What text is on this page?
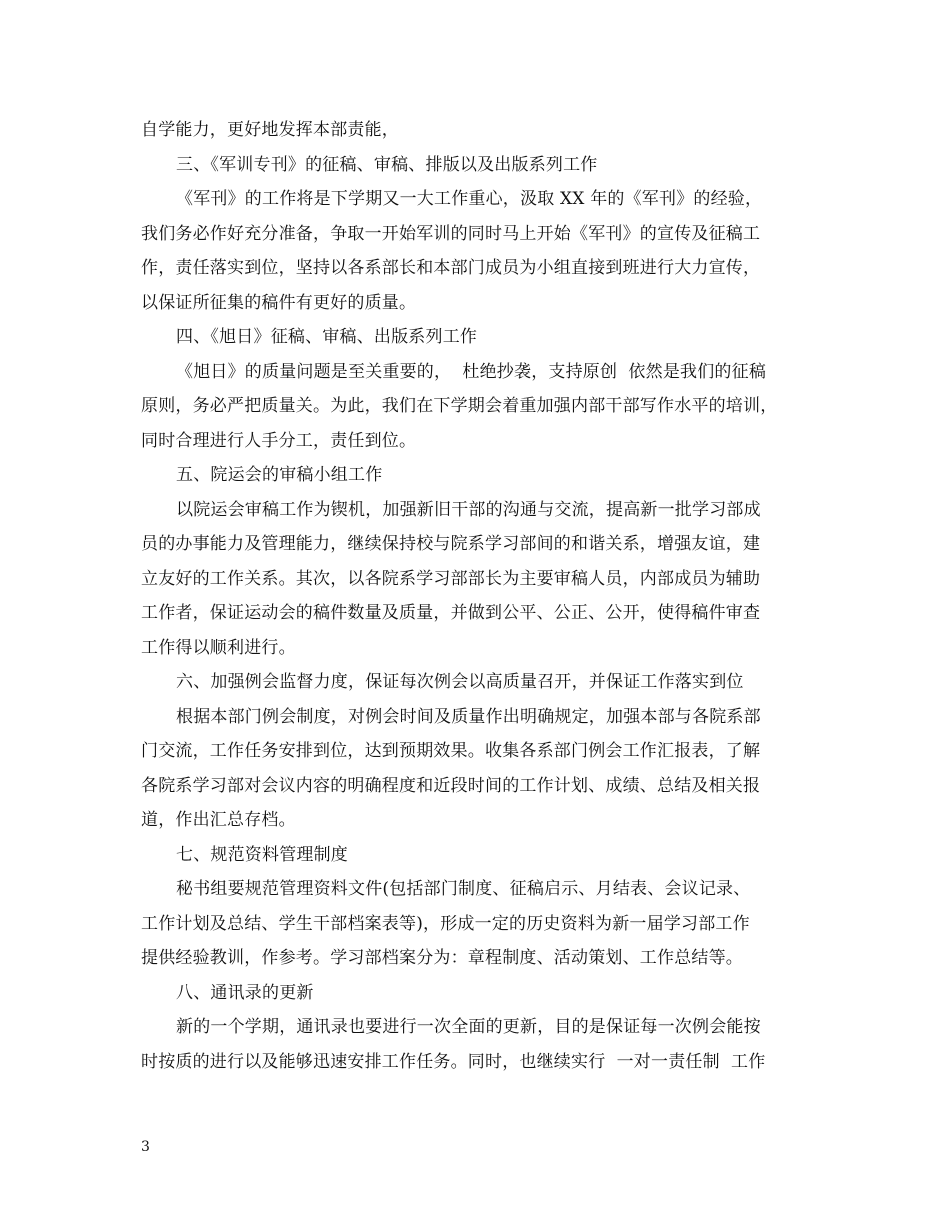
自学能力，更好地发挥本部责能，
三、《军训专刊》的征稿、审稿、排版以及出版系列工作
《军刊》的工作将是下学期又一大工作重心，汲取 XX 年的《军刊》的经验，
我们务必作好充分准备，争取一开始军训的同时马上开始《军刊》的宣传及征稿工
作，责任落实到位，坚持以各系部长和本部门成员为小组直接到班进行大力宣传，
以保证所征集的稿件有更好的质量。
四、《旭日》征稿、审稿、出版系列工作
《旭日》的质量问题是至关重要的，  杜绝抄袭，支持原创  依然是我们的征稿
原则，务必严把质量关。为此，我们在下学期会着重加强内部干部写作水平的培训，
同时合理进行人手分工，责任到位。
五、院运会的审稿小组工作
以院运会审稿工作为锲机，加强新旧干部的沟通与交流，提高新一批学习部成
员的办事能力及管理能力，继续保持校与院系学习部间的和谐关系，增强友谊，建
立友好的工作关系。其次，以各院系学习部部长为主要审稿人员，内部成员为辅助
工作者，保证运动会的稿件数量及质量，并做到公平、公正、公开，使得稿件审查
工作得以顺利进行。
六、加强例会监督力度，保证每次例会以高质量召开，并保证工作落实到位
根据本部门例会制度，对例会时间及质量作出明确规定，加强本部与各院系部
门交流，工作任务安排到位，达到预期效果。收集各系部门例会工作汇报表，了解
各院系学习部对会议内容的明确程度和近段时间的工作计划、成绩、总结及相关报
道，作出汇总存档。
七、规范资料管理制度
秘书组要规范管理资料文件(包括部门制度、征稿启示、月结表、会议记录、
工作计划及总结、学生干部档案表等)，形成一定的历史资料为新一届学习部工作
提供经验教训，作参考。学习部档案分为：章程制度、活动策划、工作总结等。
八、通讯录的更新
新的一个学期，通讯录也要进行一次全面的更新，目的是保证每一次例会能按
时按质的进行以及能够迅速安排工作任务。同时，也继续实行  一对一责任制  工作
3
